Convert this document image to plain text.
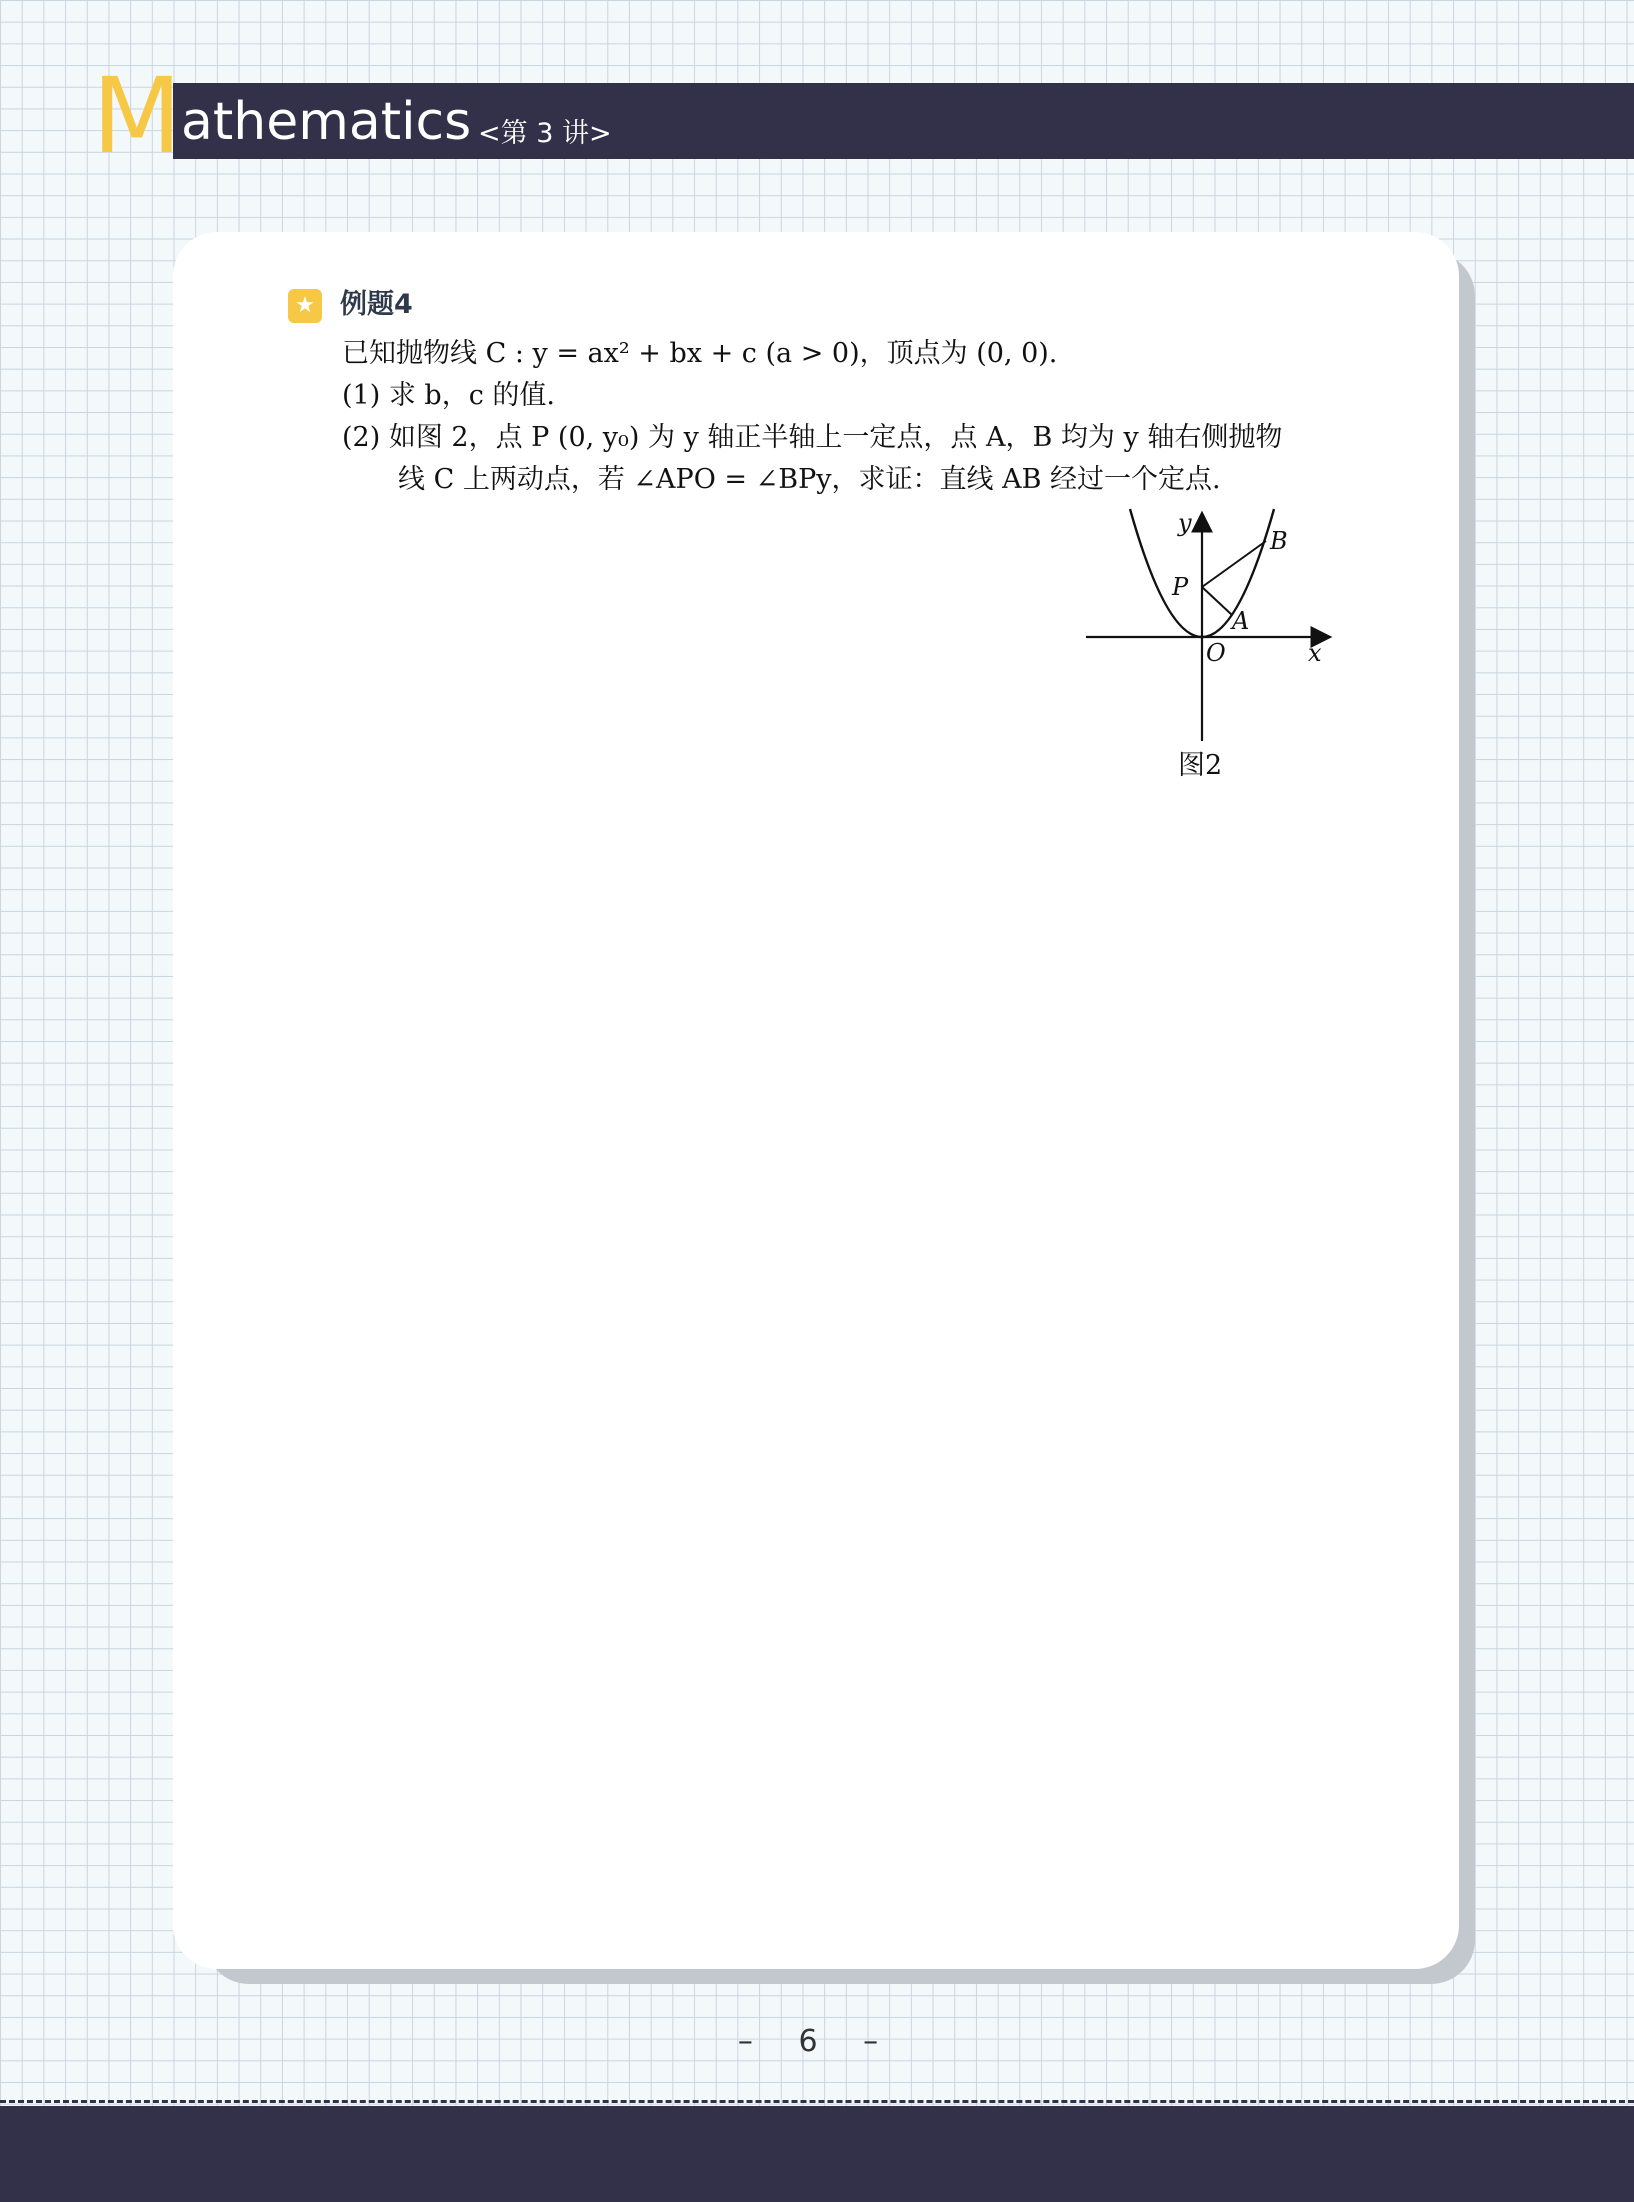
M athematics <第 3 讲>
★ 例题4
已知抛物线 C : y = ax² + bx + c (a > 0)，顶点为 (0, 0).
(1) 求 b，c 的值.
(2) 如图 2，点 P (0, y₀) 为 y 轴正半轴上一定点，点 A，B 均为 y 轴右侧抛物
线 C 上两动点，若 ∠APO = ∠BPy，求证：直线 AB 经过一个定点.
y
x
O
P
A
B
图2
– 6 –
